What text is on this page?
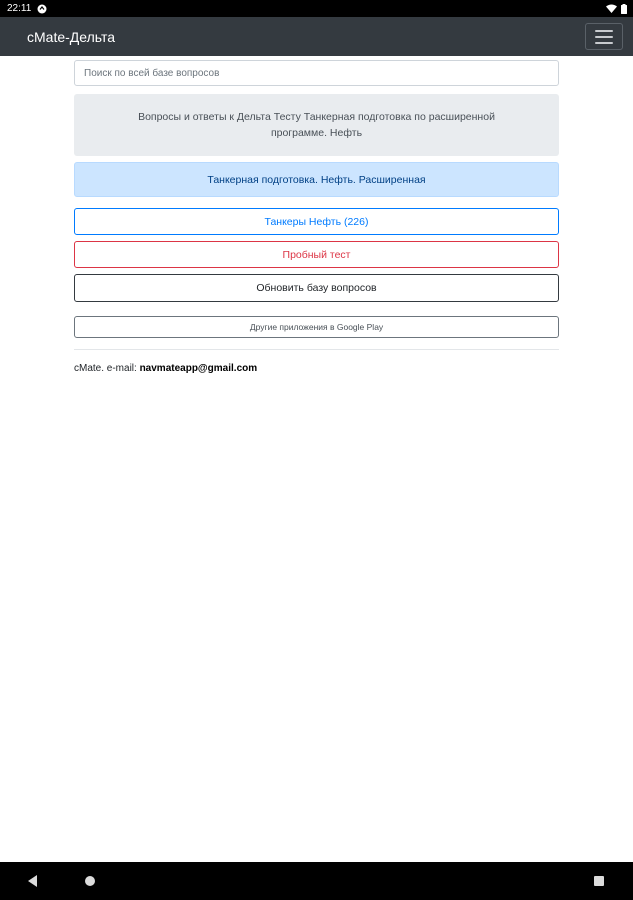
22:11
cMate-Дельта
Поиск по всей базе вопросов
Вопросы и ответы к Дельта Тесту Танкерная подготовка по расширенной программе. Нефть
Танкерная подготовка. Нефть. Расширенная
Танкеры Нефть (226)
Пробный тест
Обновить базу вопросов
Другие приложения в Google Play
cMate. e-mail: navmateapp@gmail.com
